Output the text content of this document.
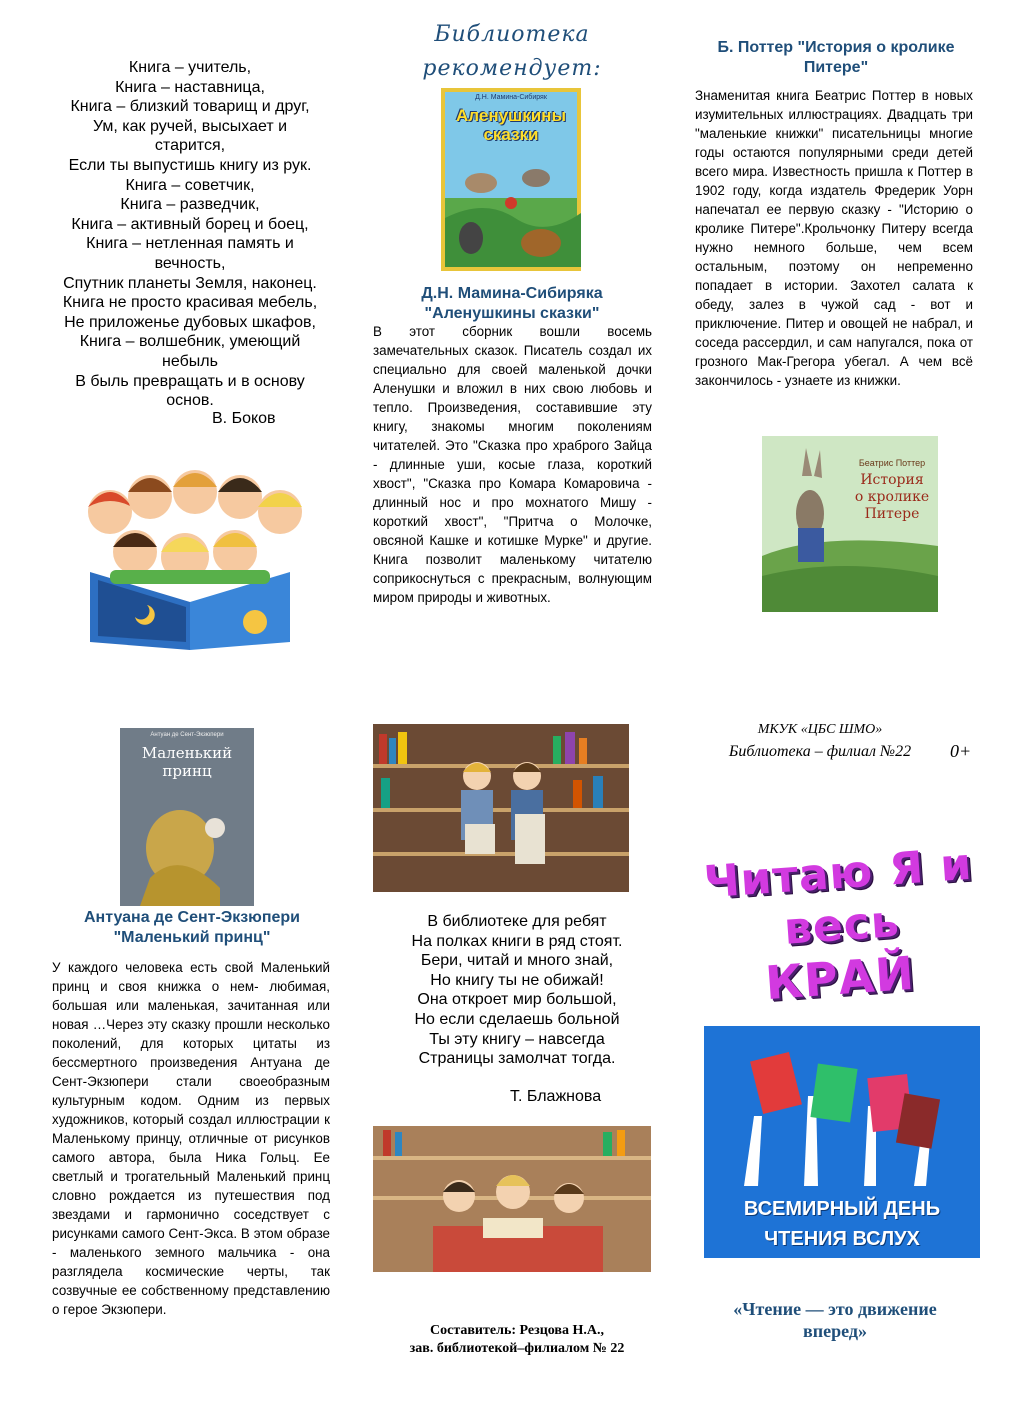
Книга – учитель,
Книга – наставница,
Книга – близкий товарищ и друг,
Ум, как ручей, высыхает и
старится,
Если ты выпустишь книгу из рук.
Книга – советчик,
Книга – разведчик,
Книга – активный борец и боец,
Книга – нетленная память и
вечность,
Спутник планеты Земля, наконец.
Книга не просто красивая мебель,
Не приложенье дубовых шкафов,
Книга – волшебник, умеющий
небыль
В быль превращать и в основу
основ.
В. Боков
Библиотека
рекомендует:
Д.Н. Мамина-Сибиряк
Аленушкины сказки
Д.Н. Мамина-Сибиряка
"Аленушкины сказки"
В этот сборник вошли восемь замечательных сказок. Писатель создал их специально для своей маленькой дочки Аленушки и вложил в них свою любовь и тепло. Произведения, составившие эту книгу, знакомы многим поколениям читателей. Это "Сказка про храброго Зайца - длинные уши, косые глаза, короткий хвост", "Сказка про Комара Комаровича - длинный нос и про мохнатого Мишу - короткий хвост", "Притча о Молочке, овсяной Кашке и котишке Мурке" и другие. Книга позволит маленькому читателю соприкоснуться с прекрасным, волнующим миром природы и животных.
Б. Поттер "История о кролике
Питере"
Знаменитая книга Беатрис Поттер в новых изумительных иллюстрациях. Двадцать три "маленькие книжки" писательницы многие годы остаются популярными среди детей всего мира. Известность пришла к Поттер в 1902 году, когда издатель Фредерик Уорн напечатал ее первую сказку - "Историю о кролике Питере".Крольчонку Питеру всегда нужно немного больше, чем всем остальным, поэтому он непременно попадает в истории. Захотел салата к обеду, залез в чужой сад - вот и приключение. Питер и овощей не набрал, и соседа рассердил, и сам напугался, пока от грозного Мак-Грегора убегал. А чем всё закончилось - узнаете из книжки.
Беатрис Поттер
История
о кролике
Питере
Антуан де Сент-Экзюпери
Маленький
принц
Антуана де Сент-Экзюпери
"Маленький принц"
У каждого человека есть свой Маленький принц и своя книжка о нем- любимая, большая или маленькая, зачитанная или новая …Через эту сказку прошли несколько поколений, для которых цитаты из бессмертного произведения Антуана де Сент-Экзюпери стали своеобразным культурным кодом. Одним из первых художников, который создал иллюстрации к Маленькому принцу, отличные от рисунков самого автора, была Ника Гольц. Ее светлый и трогательный Маленький принц словно рождается из путешествия под звездами и гармонично соседствует с рисунками самого Сент-Экса. В этом образе - маленького земного мальчика - она разглядела космические черты, так созвучные ее собственному представлению о герое Экзюпери.
В библиотеке для ребят
На полках книги в ряд стоят.
Бери, читай и много знай,
Но книгу ты не обижай!
Она откроет мир большой,
Но если сделаешь больной
Ты эту книгу – навсегда
Страницы замолчат тогда.
Т. Блажнова
Составитель: Резцова Н.А.,
зав. библиотекой–филиалом № 22
МКУК «ЦБС ШМО»
Библиотека – филиал №22	0+
Читаю Я и весь
КРАЙ
ВСЕМИРНЫЙ ДЕНЬ
ЧТЕНИЯ ВСЛУХ
«Чтение — это движение
вперед»
